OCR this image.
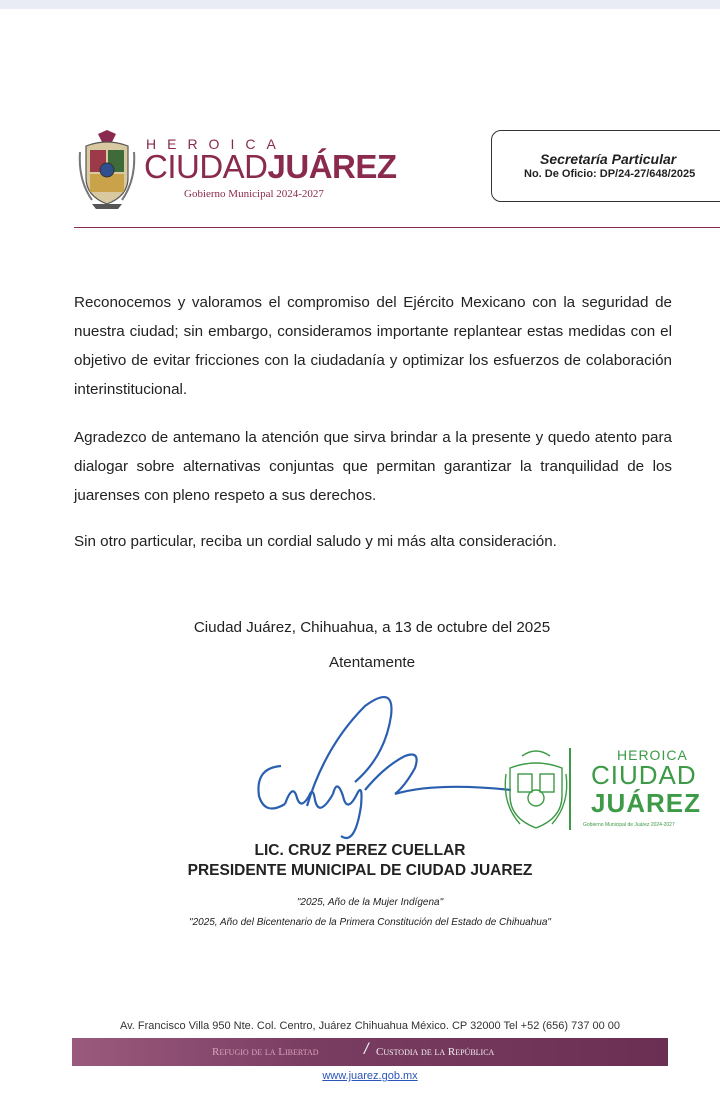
HEROICA
CIUDADJUÁREZ
Gobierno Municipal 2024-2027
Secretaría Particular
No. De Oficio: DP/24-27/648/2025

Reconocemos y valoramos el compromiso del Ejército Mexicano con la seguridad de nuestra ciudad; sin embargo, consideramos importante replantear estas medidas con el objetivo de evitar fricciones con la ciudadanía y optimizar los esfuerzos de colaboración interinstitucional.

Agradezco de antemano la atención que sirva brindar a la presente y quedo atento para dialogar sobre alternativas conjuntas que permitan garantizar la tranquilidad de los juarenses con pleno respeto a sus derechos.

Sin otro particular, reciba un cordial saludo y mi más alta consideración.

Ciudad Juárez, Chihuahua, a 13 de octubre del 2025
Atentamente
HEROICA
CIUDAD
JUÁREZ
Gobierno Municipal de Juárez 2024-2027
LIC. CRUZ PEREZ CUELLAR
PRESIDENTE MUNICIPAL DE CIUDAD JUAREZ
"2025, Año de la Mujer Indígena"
"2025, Año del Bicentenario de la Primera Constitución del Estado de Chihuahua"
Av. Francisco Villa 950 Nte. Col. Centro, Juárez Chihuahua México. CP 32000 Tel +52 (656) 737 00 00
Refugio de la Libertad	/ Custodia de la República
www.juarez.gob.mx
